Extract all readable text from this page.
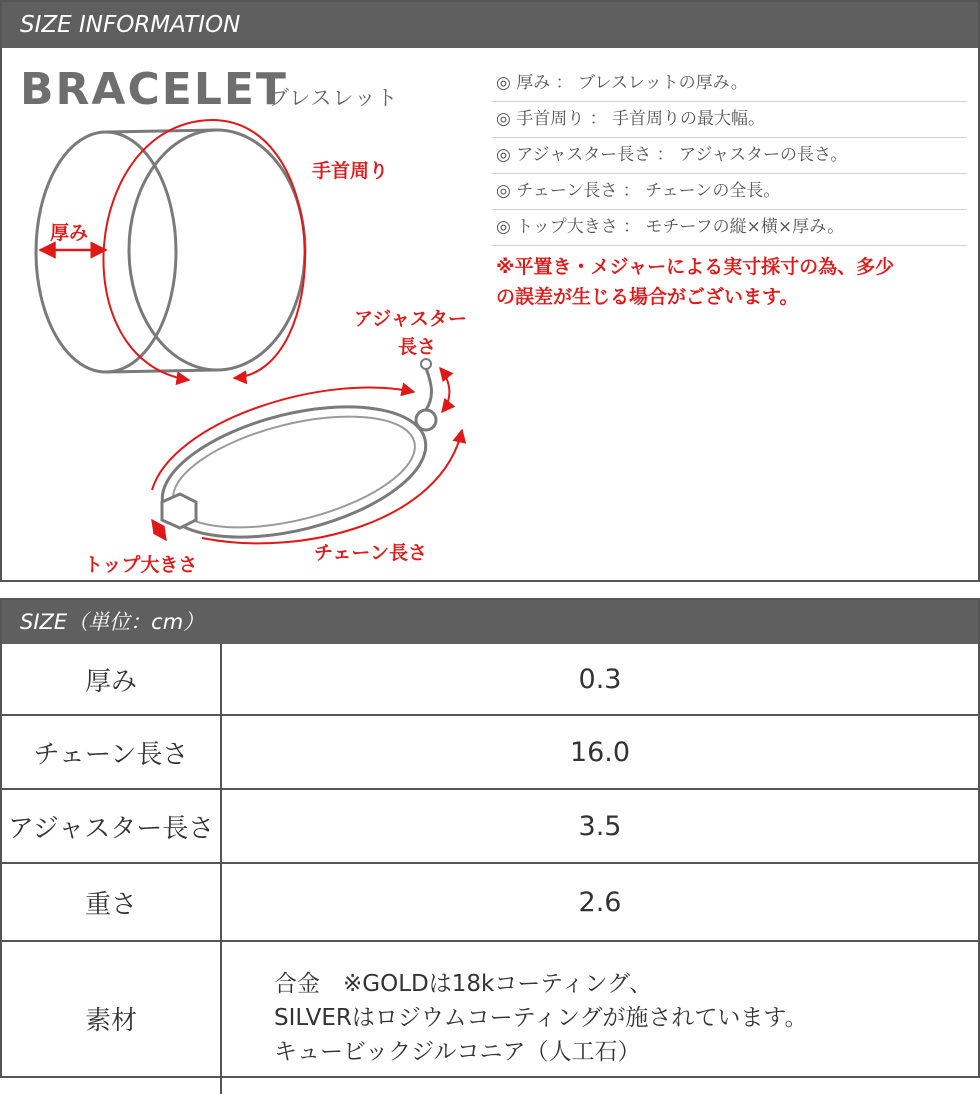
SIZE INFORMATION
BRACELET
ブレスレット
手首周り
厚み
アジャスター
長さ
チェーン長さ
トップ大きさ
◎ 厚み ： ブレスレットの厚み。
◎ 手首周り ： 手首周りの最大幅。
◎ アジャスター長さ ： アジャスターの長さ。
◎ チェーン長さ ： チェーンの全長。
◎ トップ大きさ ： モチーフの縦×横×厚み。
※平置き・メジャーによる実寸採寸の為、多少
の誤差が生じる場合がございます。
SIZE（単位：cm）
厚み	0.3
チェーン長さ	16.0
アジャスター長さ	3.5
重さ	2.6
素材	合金　※GOLDは18kコーティング、
SILVERはロジウムコーティングが施されています。
キュービックジルコニア（人工石）
